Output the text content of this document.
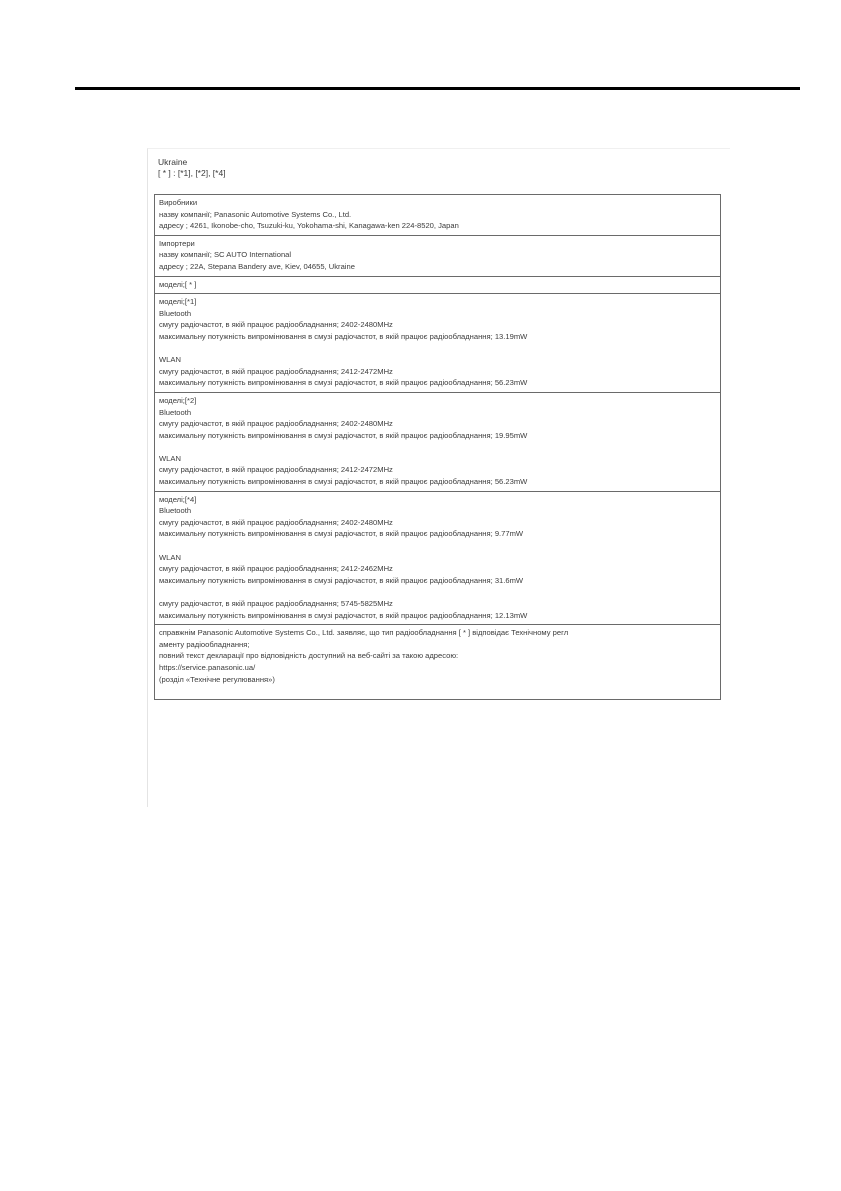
Ukraine
[ * ] : [*1], [*2], [*4]
Виробники
назву компанії; Panasonic Automotive Systems Co., Ltd.
адресу ; 4261, Ikonobe-cho, Tsuzuki-ku, Yokohama-shi, Kanagawa-ken 224-8520, Japan
Імпортери
назву компанії; SC AUTO International
адресу ; 22A, Stepana Bandery ave, Kiev, 04655, Ukraine
моделі;[ * ]
моделі;[*1]
Bluetooth
смугу радіочастот, в якій працює радіообладнання; 2402-2480MHz
максимальну потужність випромінювання в смузі радіочастот, в якій працює радіообладнання; 13.19mW
WLAN
смугу радіочастот, в якій працює радіообладнання; 2412-2472MHz
максимальну потужність випромінювання в смузі радіочастот, в якій працює радіообладнання; 56.23mW
моделі;[*2]
Bluetooth
смугу радіочастот, в якій працює радіообладнання; 2402-2480MHz
максимальну потужність випромінювання в смузі радіочастот, в якій працює радіообладнання; 19.95mW
WLAN
смугу радіочастот, в якій працює радіообладнання; 2412-2472MHz
максимальну потужність випромінювання в смузі радіочастот, в якій працює радіообладнання; 56.23mW
моделі;[*4]
Bluetooth
смугу радіочастот, в якій працює радіообладнання; 2402-2480MHz
максимальну потужність випромінювання в смузі радіочастот, в якій працює радіообладнання; 9.77mW
WLAN
смугу радіочастот, в якій працює радіообладнання; 2412-2462MHz
максимальну потужність випромінювання в смузі радіочастот, в якій працює радіообладнання; 31.6mW
смугу радіочастот, в якій працює радіообладнання; 5745-5825MHz
максимальну потужність випромінювання в смузі радіочастот, в якій працює радіообладнання; 12.13mW
справжнім Panasonic Automotive Systems Co., Ltd. заявляє, що тип радіообладнання [ * ] відповідає Технічному регл
аменту радіообладнання;
повний текст декларації про відповідність доступний на веб-сайті за такою адресою:
https://service.panasonic.ua/
(розділ «Технічне регулювання»)
